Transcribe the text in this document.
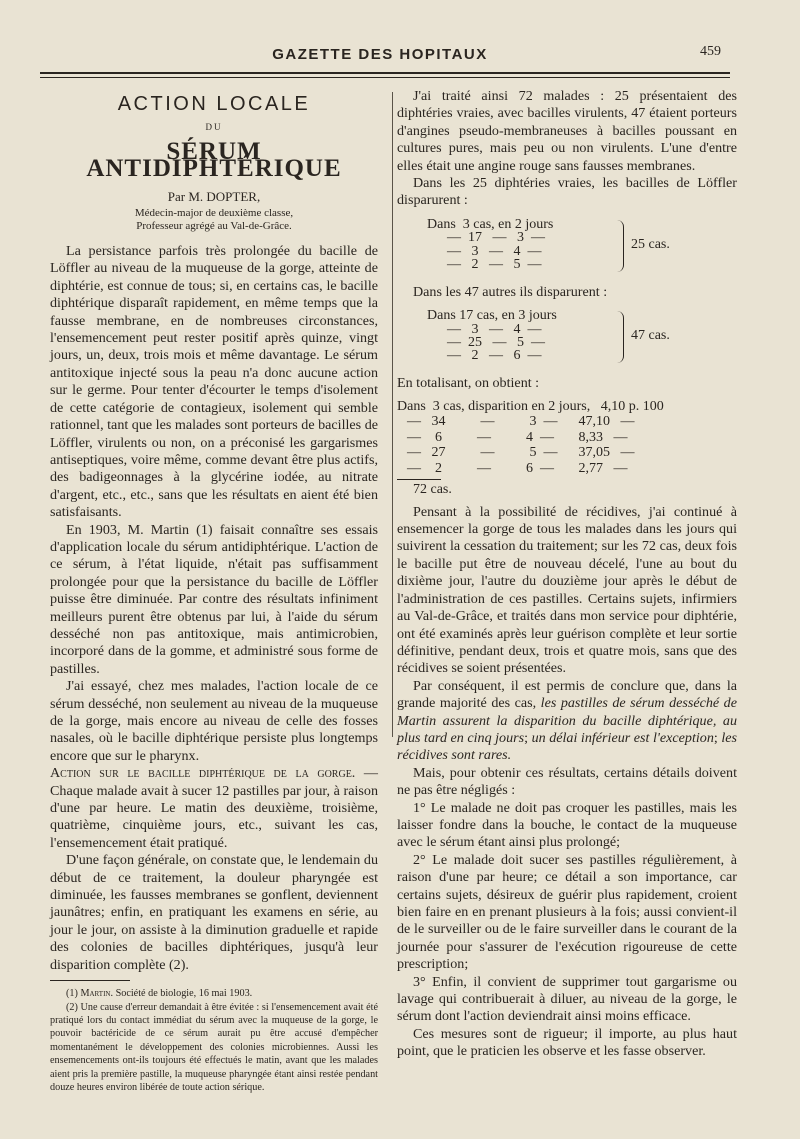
GAZETTE DES HOPITAUX	459
ACTION LOCALE
DU
SÉRUM ANTIDIPHTÉRIQUE
Par M. DOPTER,
Médecin-major de deuxième classe,
Professeur agrégé au Val-de-Grâce.

La persistance parfois très prolongée du bacille de Löffler au niveau de la muqueuse de la gorge, atteinte de diphtérie, est connue de tous; si, en certains cas, le bacille diphtérique disparaît rapidement, en même temps que la fausse membrane, en de nombreuses circonstances, l'ensemencement peut rester positif après quinze, vingt jours, un, deux, trois mois et même davantage. Le sérum antitoxique injecté sous la peau n'a donc aucune action sur le germe. Pour tenter d'écourter le temps d'isolement de cette catégorie de contagieux, isolement qui semble rationnel, tant que les malades sont porteurs de bacilles de Löffler, virulents ou non, on a préconisé les gargarismes antiseptiques, voire même, comme devant être plus actifs, des badigeonnages à la glycérine iodée, au nitrate d'argent, etc., etc., sans que les résultats en aient été bien satisfaisants.

En 1903, M. Martin (1) faisait connaître ses essais d'application locale du sérum antidiphtérique. L'action de ce sérum, à l'état liquide, n'était pas suffisamment prolongée pour que la persistance du bacille de Löffler puisse être diminuée. Par contre des résultats infiniment meilleurs purent être obtenus par lui, à l'aide du sérum desséché non pas antitoxique, mais antimicrobien, incorporé dans de la gomme, et administré sous forme de pastilles.

J'ai essayé, chez mes malades, l'action locale de ce sérum desséché, non seulement au niveau de la muqueuse de la gorge, mais encore au niveau de celle des fosses nasales, où le bacille diphtérique persiste plus longtemps encore que sur le pharynx.

Action sur le bacille diphtérique de la gorge. — Chaque malade avait à sucer 12 pastilles par jour, à raison d'une par heure. Le matin des deuxième, troisième, quatrième, cinquième jours, etc., suivant les cas, l'ensemencement était pratiqué.

D'une façon générale, on constate que, le lendemain du début de ce traitement, la douleur pharyngée est diminuée, les fausses membranes se gonflent, deviennent jaunâtres; enfin, en pratiquant les examens en série, au jour le jour, on assiste à la diminution graduelle et rapide des colonies de bacilles diphtériques, jusqu'à leur disparition complète (2).

(1) Martin. Société de biologie, 16 mai 1903.

(2) Une cause d'erreur demandait à être évitée : si l'ensemencement avait été pratiqué lors du contact immédiat du sérum avec la muqueuse de la gorge, le pouvoir bactéricide de ce sérum aurait pu être accusé d'empêcher momentanément le développement des colonies microbiennes. Aussi les ensemencements ont-ils toujours été effectués le matin, avant que les malades aient pris la première pastille, la muqueuse pharyngée étant ainsi restée pendant douze heures environ libérée de toute action sérique.

J'ai traité ainsi 72 malades : 25 présentaient des diphtéries vraies, avec bacilles virulents, 47 étaient porteurs d'angines pseudo-membraneuses à bacilles poussant en cultures pures, mais peu ou non virulents. L'une d'entre elles était une angine rouge sans fausses membranes.

Dans les 25 diphtéries vraies, les bacilles de Löffler disparurent :

Dans  3 cas, en 2 jours
—  17   —   3  —
—   3   —   4  —
—   2   —   5  —
25 cas.

Dans les 47 autres ils disparurent :

Dans 17 cas, en 3 jours
—   3   —   4  —
—  25   —   5  —
—   2   —   6  —
47 cas.

En totalisant, on obtient :

Dans  3 cas, disparition en 2 jours,   4,10 p. 100
—   34          —          3  —      47,10   —
—    6          —          4  —       8,33   —
—   27          —          5  —      37,05   —
—    2          —          6  —       2,77   —
72 cas.

Pensant à la possibilité de récidives, j'ai continué à ensemencer la gorge de tous les malades dans les jours qui suivirent la cessation du traitement; sur les 72 cas, deux fois le bacille put être de nouveau décelé, l'une au bout du dixième jour, l'autre du douzième jour après le début de l'administration de ces pastilles. Certains sujets, infirmiers au Val-de-Grâce, et traités dans mon service pour diphtérie, ont été examinés après leur guérison complète et leur sortie définitive, pendant deux, trois et quatre mois, sans que des récidives se soient présentées.

Par conséquent, il est permis de conclure que, dans la grande majorité des cas, les pastilles de sérum desséché de Martin assurent la disparition du bacille diphtérique, au plus tard en cinq jours; un délai inférieur est l'exception; les récidives sont rares.

Mais, pour obtenir ces résultats, certains détails doivent ne pas être négligés :

1° Le malade ne doit pas croquer les pastilles, mais les laisser fondre dans la bouche, le contact de la muqueuse avec le sérum étant ainsi plus prolongé;

2° Le malade doit sucer ses pastilles régulièrement, à raison d'une par heure; ce détail a son importance, car certains sujets, désireux de guérir plus rapidement, croient bien faire en en prenant plusieurs à la fois; aussi convient-il de le surveiller ou de le faire surveiller dans le courant de la journée pour s'assurer de l'exécution rigoureuse de cette prescription;

3° Enfin, il convient de supprimer tout gargarisme ou lavage qui contribuerait à diluer, au niveau de la gorge, le sérum dont l'action deviendrait ainsi moins efficace.

Ces mesures sont de rigueur; il importe, au plus haut point, que le praticien les observe et les fasse observer.
